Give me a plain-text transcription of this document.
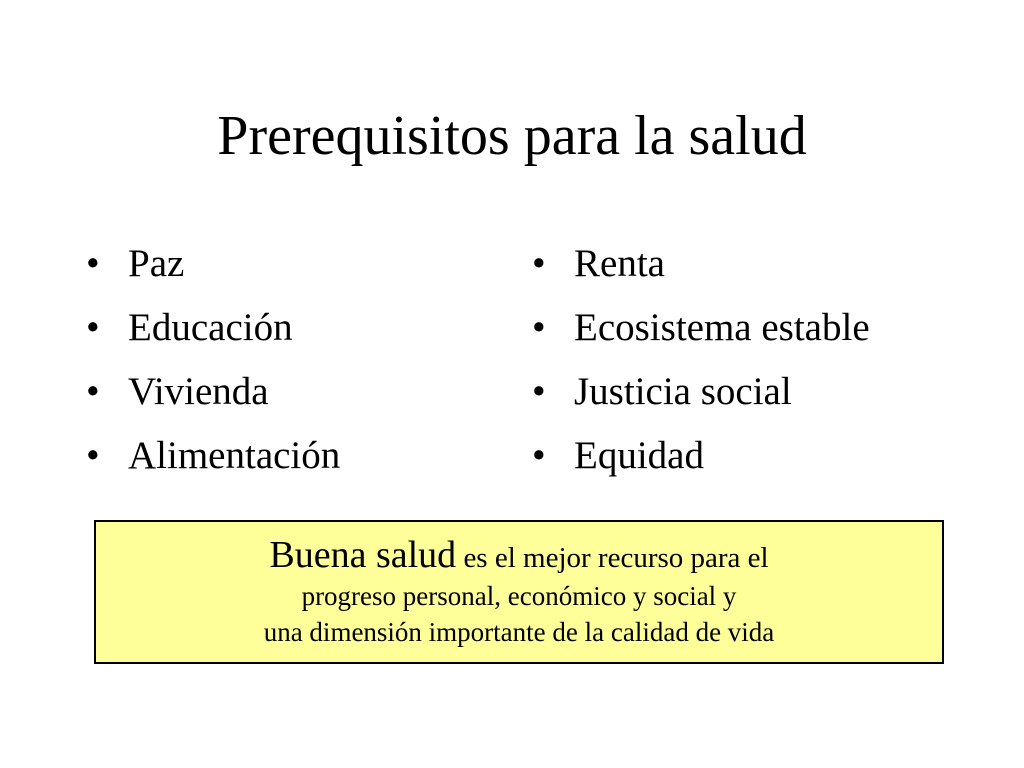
Prerequisitos para la salud
• Paz
• Educación
• Vivienda
• Alimentación
• Renta
• Ecosistema estable
• Justicia social
• Equidad
Buena salud es el mejor recurso para el
progreso personal, económico y social y
una dimensión importante de la calidad de vida
